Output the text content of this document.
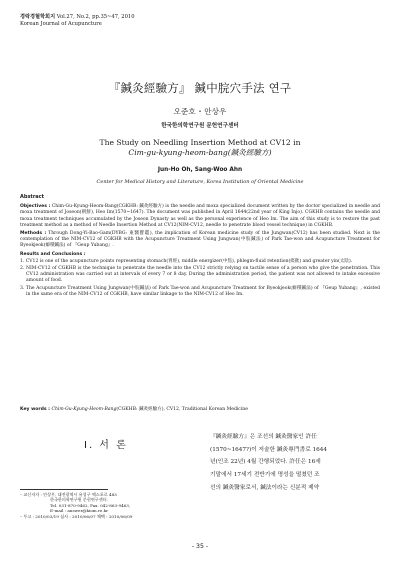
경락경혈학회지 Vol.27, No.2, pp.35~47, 2010
Korean Journal of Acupuncture
『鍼灸經驗方』 鍼中脘穴手法 연구
오준호 ･ 안상우
한국한의학연구원 문헌연구센터
The Study on Needling Insertion Method at CV12 in
Cim-gu-kyung-heom-bang(鍼灸經驗方)
Jun-Ho Oh, Sang-Woo Ahn
Center for Medical History and Literature, Korea Institution of Oriental Medicine
Abstract

Objectives : Chim-Gu-Kyung-Heom-Bang(CGKHB: 鍼灸經驗方) is the needle and moxa specialized document written by the doctor specialized in needle and moxa treatment of Joseon(朝鮮), Heo Im(1570~1647). The document was published in April 1644(22nd year of King Injo). CGKHB contains the needle and moxa treatment techniques accumulated by the Joseon Dynasty as well as the personal experience of Heo Im. The aim of this study is to restore the past treatment method as a method of Needle Insertion Method at CV12(NIM-CV12, needle to penetrate blood vessel technique) in CGKHB.

Methods : Through Dong-Yi-Bao-Gam(DYBG: 東醫寶鑑), the implication of Korean medicine study of the Jungwan(CV12) has been studied. Next is the contemplation of the NIM-CV12 of CGKHB with the Acupuncture Treatment Using Jungwan(中脘鍼法) of Park Tae-won and Acupuncture Treatment for Byeokjeok(癖積鍼法) of 『Geup Yubang』.

Results and Conclusions :
1. CV12 is one of the acupuncture points representing stomach(胃經), middle energizer(中焦), phlegm-fluid retention(痰飮) and greater yin(太陰).
2. NIM-CV12 of CGKHB is the technique to penetrate the needle into the CV12 strictly relying on tactile sense of a person who give the penetration. This CV12 administration was carried out at intervals of every 7 or 8 day. During the administration period, the patient was not allowed to intake excessive amount of food.
3. The Acupuncture Treatment Using Jungwan(中脘鍼法) of Park Tae-won and Acupuncture Treatment for Byeokjeok(癖積鍼法) of 『Geup Yubang』, existed in the same era of the NIM-CV12 of CGKHB, have similar linkage to the NIM-CV12 of Heo Im.
Key words : Chim-Gu-Kyung-Heom-Bang(CGKHB: 鍼灸經驗方), CV12, Traditional Korean Medicine
Ⅰ. 서 론
『鍼灸經驗方』은 조선의 鍼灸醫家인 許任
(1570~1647?)이 저술한 鍼灸專門書로 1644
년(인조 22년) 4월 간행되었다. 許任은 16세
기말에서 17세기 전반기에 명성을 떨쳤던 조
선의 鍼灸醫家로서, 鍼法이라는 신분적 제약

･ 교신저자 : 안상우, 대전광역시 유성구 엑스포로 483

한국한의학연구원 문헌연구센터.

Tel. 031-870-9462, Fax. 042-863-9463,

E-mail : answer@kiom.re.kr

･ 투고 : 2010/03/19 심사 : 2010/06/07 채택 : 2010/06/09

- 35 -
